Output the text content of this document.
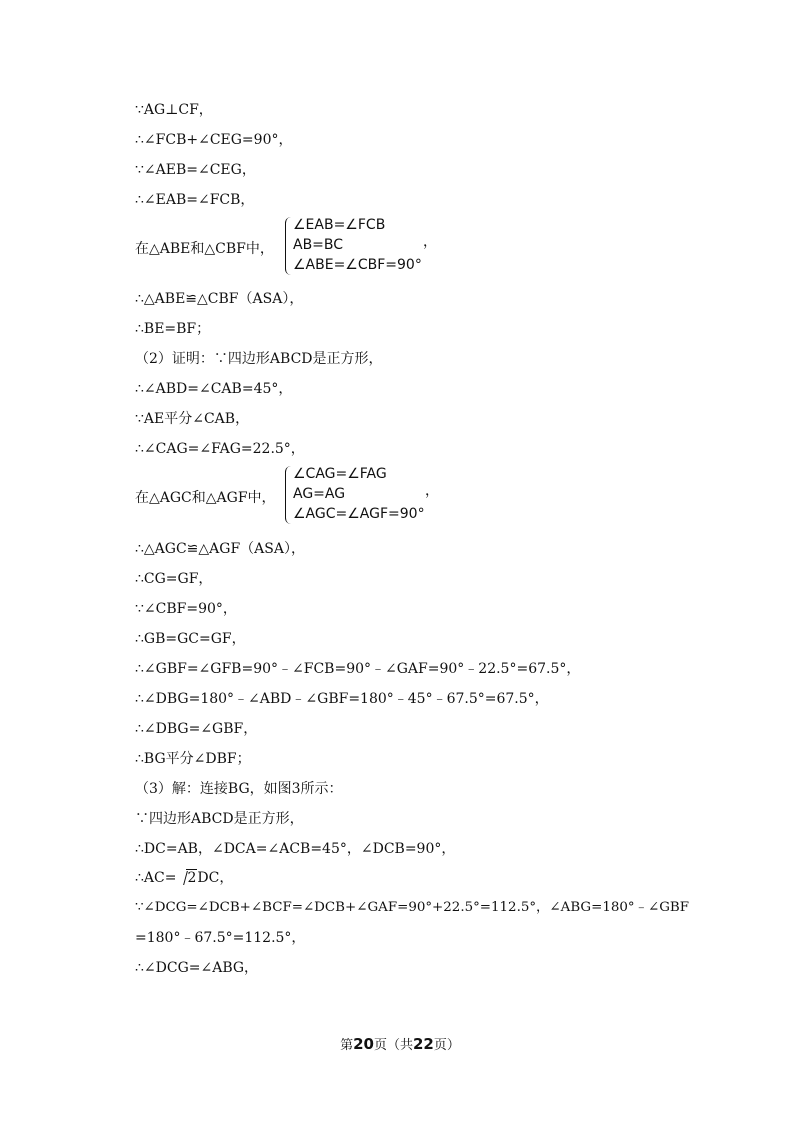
∵AG⊥CF，
∴∠FCB+∠CEG=90°，
∵∠AEB=∠CEG，
∴∠EAB=∠FCB，
在△ABE和△CBF中，
∠EAB=∠FCB
AB=BC
∠ABE=∠CBF=90°
，
∴△ABE≌△CBF（ASA），
∴BE=BF；
（2）证明：∵四边形ABCD是正方形，
∴∠ABD=∠CAB=45°，
∵AE平分∠CAB，
∴∠CAG=∠FAG=22.5°，
在△AGC和△AGF中，
∠CAG=∠FAG
AG=AG
∠AGC=∠AGF=90°
，
∴△AGC≌△AGF（ASA），
∴CG=GF，
∵∠CBF=90°，
∴GB=GC=GF，
∴∠GBF=∠GFB=90°﹣∠FCB=90°﹣∠GAF=90°﹣22.5°=67.5°，
∴∠DBG=180°﹣∠ABD﹣∠GBF=180°﹣45°﹣67.5°=67.5°，
∴∠DBG=∠GBF，
∴BG平分∠DBF；
（3）解：连接BG，如图3所示：
∵四边形ABCD是正方形，
∴DC=AB，∠DCA=∠ACB=45°，∠DCB=90°，
∴AC= 2DC，
∵∠DCG=∠DCB+∠BCF=∠DCB+∠GAF=90°+22.5°=112.5°，∠ABG=180°﹣∠GBF
=180°﹣67.5°=112.5°，
∴∠DCG=∠ABG，
第20页（共22页）
